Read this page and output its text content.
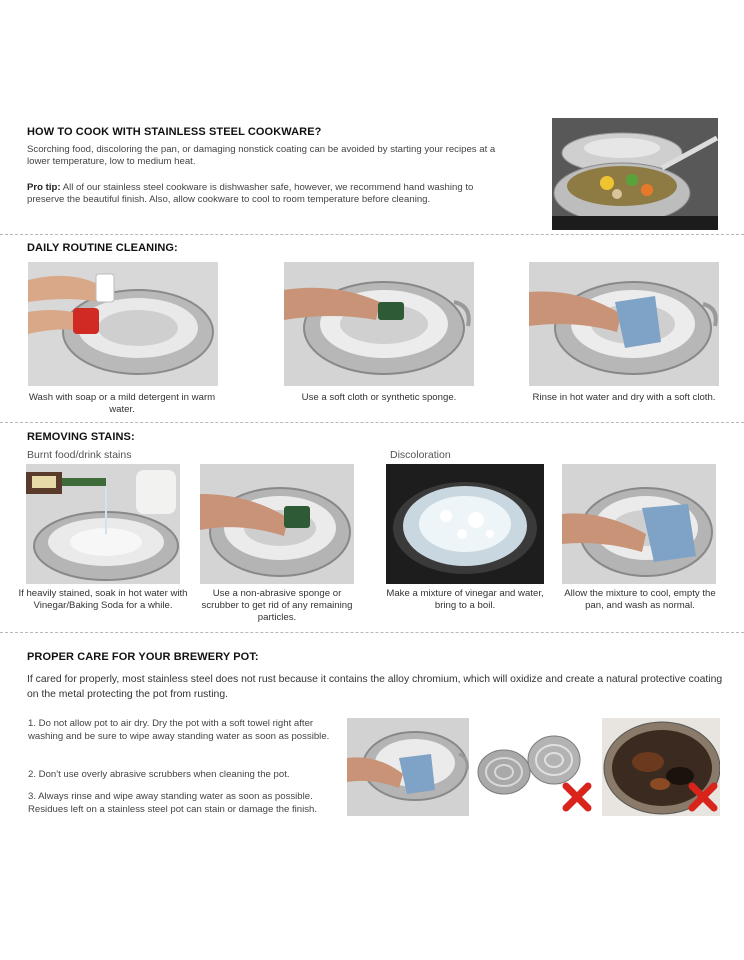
HOW TO COOK WITH STAINLESS STEEL COOKWARE?
Scorching food, discoloring the pan, or damaging nonstick coating can be avoided by starting your recipes at a lower temperature, low to medium heat.
Pro tip: All of our stainless steel cookware is dishwasher safe, however, we recommend hand washing to preserve the beautiful finish. Also, allow cookware to cool to room temperature before cleaning.
DAILY ROUTINE CLEANING:
Wash with soap or a mild detergent in warm water.
Use a soft cloth or synthetic sponge.	Rinse in hot water and dry with a soft cloth.
REMOVING STAINS:
Burnt food/drink stains	Discoloration
If heavily stained, soak in hot water with Vinegar/Baking Soda for a while.
Use a non-abrasive sponge or scrubber to get rid of any remaining particles.
Make a mixture of vinegar and water, bring to a boil.
Allow the mixture to cool, empty the pan, and wash as normal.
PROPER CARE FOR YOUR BREWERY POT:
If cared for properly, most stainless steel does not rust because it contains the alloy chromium, which will oxidize and create a natural protective coating on the metal protecting the pot from rusting.
1. Do not allow pot to air dry. Dry the pot with a soft towel right after washing and be sure to wipe away standing water as soon as possible.
2. Don't use overly abrasive scrubbers when cleaning the pot.
3. Always rinse and wipe away standing water as soon as possible. Residues left on a stainless steel pot can stain or damage the finish.
